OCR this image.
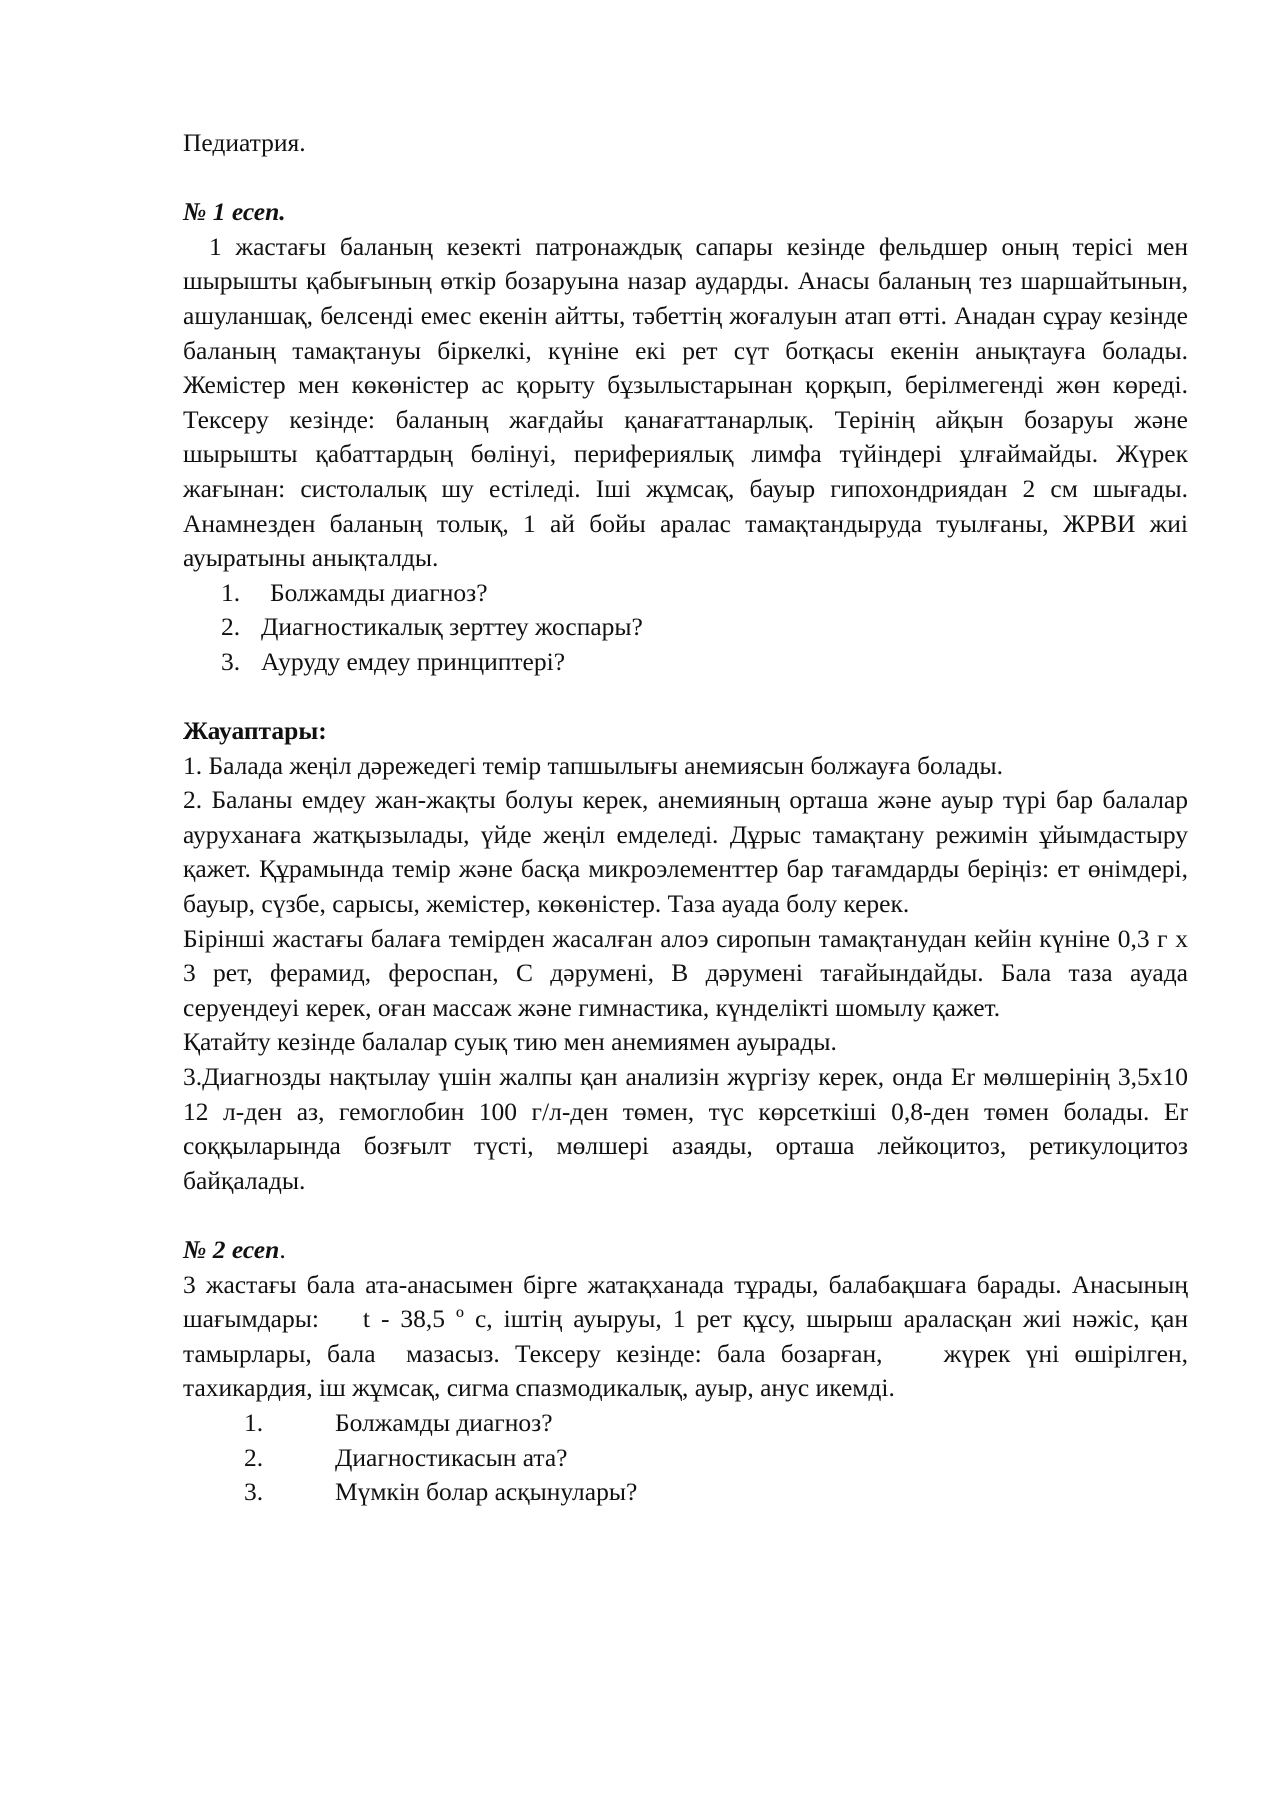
Педиатрия.

№ 1 есеп.

1 жастағы баланың кезекті патронаждық сапары кезінде фельдшер оның терісі мен шырышты қабығының өткір бозаруына назар аударды. Анасы баланың тез шаршайтынын, ашуланшақ, белсенді емес екенін айтты, тәбеттің жоғалуын атап өтті. Анадан сұрау кезінде баланың тамақтануы біркелкі, күніне екі рет сүт ботқасы екенін анықтауға болады. Жемістер мен көкөністер ас қорыту бұзылыстарынан қорқып, берілмегенді жөн көреді. Тексеру кезінде: баланың жағдайы қанағаттанарлық. Терінің айқын бозаруы және шырышты қабаттардың бөлінуі, перифериялық лимфа түйіндері ұлғаймайды. Жүрек жағынан: систолалық шу естіледі. Іші жұмсақ, бауыр гипохондриядан 2 см шығады. Анамнезден баланың толық, 1 ай бойы аралас тамақтандыруда туылғаны, ЖРВИ жиі ауыратыны анықталды.

1. Болжамды диагноз?
2. Диагностикалық зерттеу жоспары?
3. Ауруду емдеу принциптері?

Жауаптары:

1. Балада жеңіл дәрежедегі темір тапшылығы анемиясын болжауға болады.

2. Баланы емдеу жан-жақты болуы керек, анемияның орташа және ауыр түрі бар балалар ауруханаға жатқызылады, үйде жеңіл емделеді. Дұрыс тамақтану режимін ұйымдастыру қажет. Құрамында темір және басқа микроэлементтер бар тағамдарды беріңіз: ет өнімдері, бауыр, сүзбе, сарысы, жемістер, көкөністер. Таза ауада болу керек.

Бірінші жастағы балаға темірден жасалған алоэ сиропын тамақтанудан кейін күніне 0,3 г х 3 рет, ферамид, фероспан, С дәрумені, В дәрумені тағайындайды. Бала таза ауада серуендеуі керек, оған массаж және гимнастика, күнделікті шомылу қажет.

Қатайту кезінде балалар суық тию мен анемиямен ауырады.

3.Диагнозды нақтылау үшін жалпы қан анализін жүргізу керек, онда Er мөлшерінің 3,5х10 12 л-ден аз, гемоглобин 100 г/л-ден төмен, түс көрсеткіші 0,8-ден төмен болады. Er соққыларында бозғылт түсті, мөлшері азаяды, орташа лейкоцитоз, ретикулоцитоз байқалады.

№ 2 есеп.

3 жастағы бала ата-анасымен бірге жатақханада тұрады, балабақшаға барады. Анасының шағымдары:    t - 38,5 º с, іштің ауыруы, 1 рет құсу, шырыш араласқан жиі нәжіс, қан тамырлары, бала  мазасыз. Тексеру кезінде: бала бозарған,    жүрек үні өшірілген, тахикардия, іш жұмсақ, сигма спазмодикалық, ауыр, анус икемді.

1.	Болжамды диагноз?
2.	Диагностикасын ата?
3.	Мүмкін болар асқынулары?
